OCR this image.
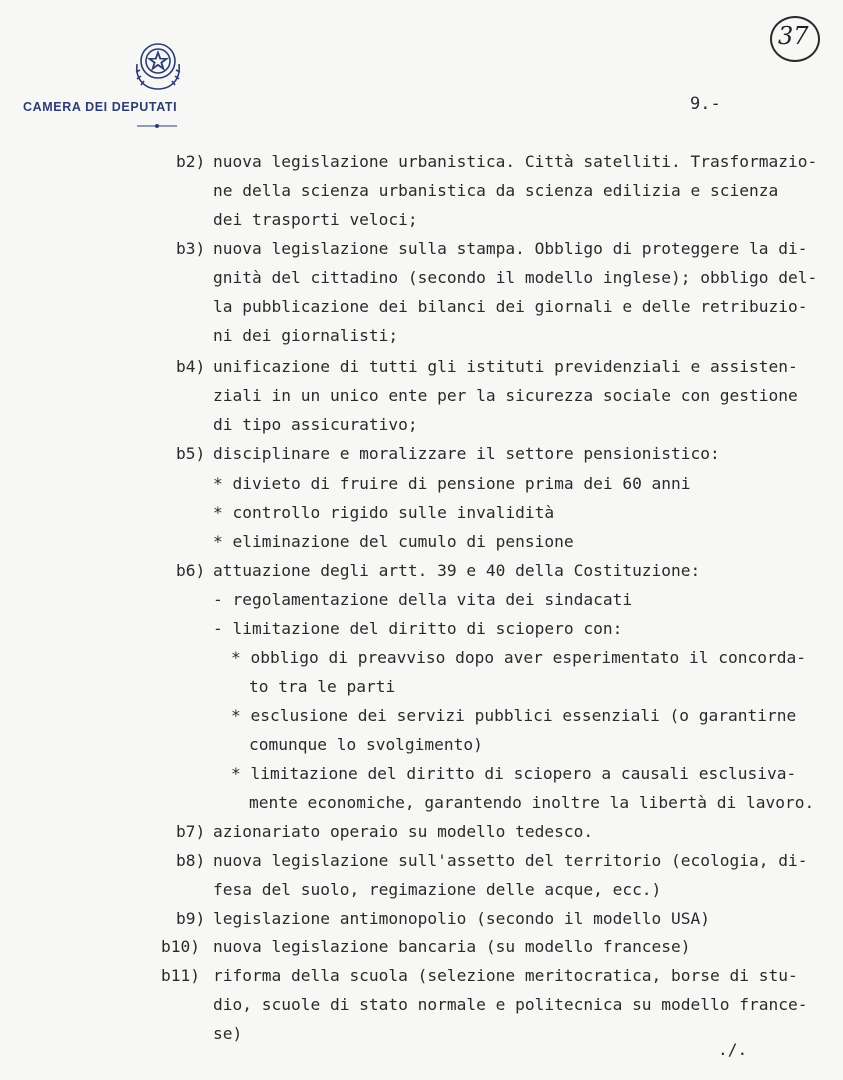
CAMERA DEI DEPUTATI	9.-
37
b2) nuova legislazione urbanistica. Città satelliti. Trasformazio-
ne della scienza urbanistica da scienza edilizia e scienza
dei trasporti veloci;
b3) nuova legislazione sulla stampa. Obbligo di proteggere la di-
gnità del cittadino (secondo il modello inglese); obbligo del-
la pubblicazione dei bilanci dei giornali e delle retribuzio-
ni dei giornalisti;
b4) unificazione di tutti gli istituti previdenziali e assisten-
ziali in un unico ente per la sicurezza sociale con gestione
di tipo assicurativo;
b5) disciplinare e moralizzare il settore pensionistico:
* divieto di fruire di pensione prima dei 60 anni
* controllo rigido sulle invalidità
* eliminazione del cumulo di pensione
b6) attuazione degli artt. 39 e 40 della Costituzione:
- regolamentazione della vita dei sindacati
- limitazione del diritto di sciopero con:
* obbligo di preavviso dopo aver esperimentato il concorda-
to tra le parti
* esclusione dei servizi pubblici essenziali (o garantirne
comunque lo svolgimento)
* limitazione del diritto di sciopero a causali esclusiva-
mente economiche, garantendo inoltre la libertà di lavoro.
b7) azionariato operaio su modello tedesco.
b8) nuova legislazione sull'assetto del territorio (ecologia, di-
fesa del suolo, regimazione delle acque, ecc.)
b9) legislazione antimonopolio (secondo il modello USA)
b10) nuova legislazione bancaria (su modello francese)
b11) riforma della scuola (selezione meritocratica, borse di stu-
dio, scuole di stato normale e politecnica su modello france-
se)
./.
